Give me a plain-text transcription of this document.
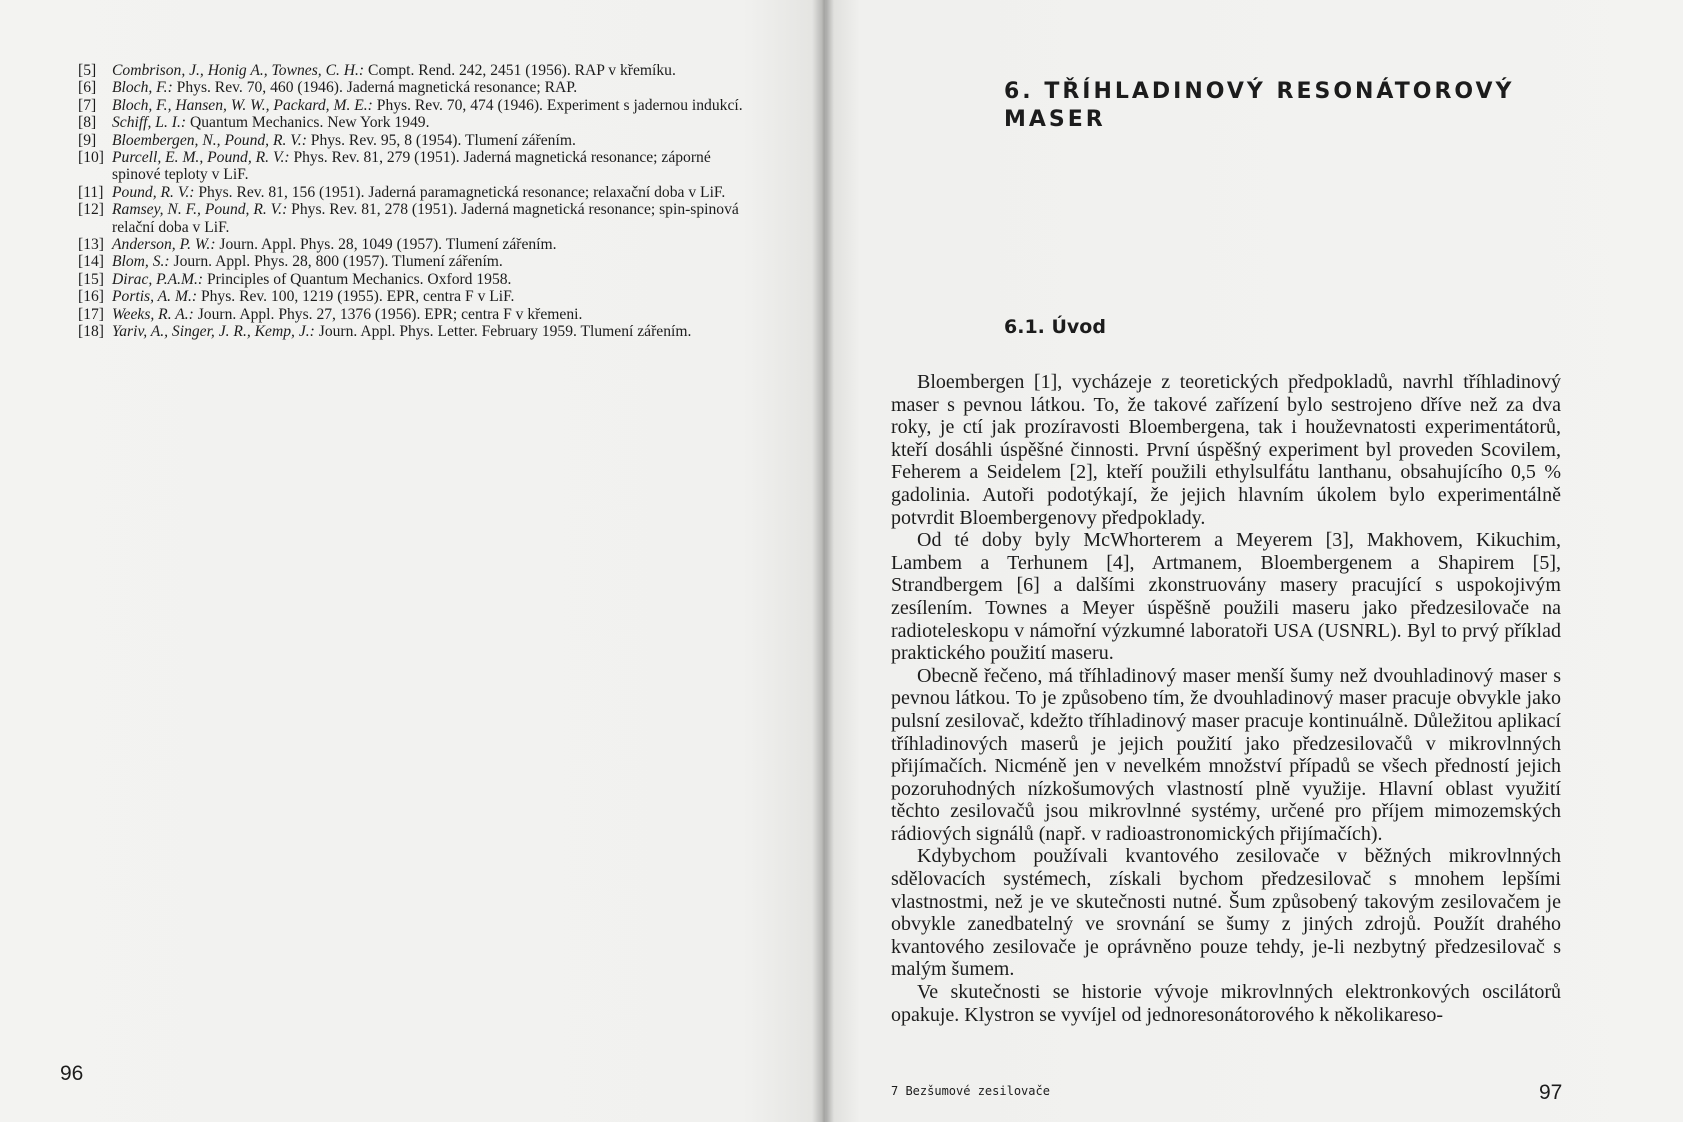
[5] Combrison, J., Honig A., Townes, C. H.: Compt. Rend. 242, 2451 (1956). RAP v křemíku.
[6] Bloch, F.: Phys. Rev. 70, 460 (1946). Jaderná magnetická resonance; RAP.
[7] Bloch, F., Hansen, W. W., Packard, M. E.: Phys. Rev. 70, 474 (1946). Experiment s jadernou indukcí.
[8] Schiff, L. I.: Quantum Mechanics. New York 1949.
[9] Bloembergen, N., Pound, R. V.: Phys. Rev. 95, 8 (1954). Tlumení zářením.
[10] Purcell, E. M., Pound, R. V.: Phys. Rev. 81, 279 (1951). Jaderná magnetická resonance; záporné spinové teploty v LiF.
[11] Pound, R. V.: Phys. Rev. 81, 156 (1951). Jaderná paramagnetická resonance; relaxační doba v LiF.
[12] Ramsey, N. F., Pound, R. V.: Phys. Rev. 81, 278 (1951). Jaderná magnetická resonance; spin-spinová relační doba v LiF.
[13] Anderson, P. W.: Journ. Appl. Phys. 28, 1049 (1957). Tlumení zářením.
[14] Blom, S.: Journ. Appl. Phys. 28, 800 (1957). Tlumení zářením.
[15] Dirac, P.A.M.: Principles of Quantum Mechanics. Oxford 1958.
[16] Portis, A. M.: Phys. Rev. 100, 1219 (1955). EPR, centra F v LiF.
[17] Weeks, R. A.: Journ. Appl. Phys. 27, 1376 (1956). EPR; centra F v křemeni.
[18] Yariv, A., Singer, J. R., Kemp, J.: Journ. Appl. Phys. Letter. February 1959. Tlumení zářením.
96
6. TŘÍHLADINOVÝ RESONÁTOROVÝ MASER
6.1. Úvod

Bloembergen [1], vycházeje z teoretických předpokladů, navrhl tříhladinový maser s pevnou látkou. To, že takové zařízení bylo sestrojeno dříve než za dva roky, je ctí jak prozíravosti Bloembergena, tak i houževnatosti experimentátorů, kteří dosáhli úspěšné činnosti. První úspěšný experiment byl proveden Scovilem, Feherem a Seidelem [2], kteří použili ethylsulfátu lanthanu, obsahujícího 0,5 % gadolinia. Autoři podotýkají, že jejich hlavním úkolem bylo experimentálně potvrdit Bloembergenovy předpoklady.

Od té doby byly McWhorterem a Meyerem [3], Makhovem, Kikuchim, Lambem a Terhunem [4], Artmanem, Bloembergenem a Shapirem [5], Strandbergem [6] a dalšími zkonstruovány masery pracující s uspokojivým zesílením. Townes a Meyer úspěšně použili maseru jako předzesilovače na radioteleskopu v námořní výzkumné laboratoři USA (USNRL). Byl to prvý příklad praktického použití maseru.

Obecně řečeno, má tříhladinový maser menší šumy než dvouhladinový maser s pevnou látkou. To je způsobeno tím, že dvouhladinový maser pracuje obvykle jako pulsní zesilovač, kdežto tříhladinový maser pracuje kontinuálně. Důležitou aplikací tříhladinových maserů je jejich použití jako předzesilovačů v mikrovlnných přijímačích. Nicméně jen v nevelkém množství případů se všech předností jejich pozoruhodných nízkošumových vlastností plně využije. Hlavní oblast využití těchto zesilovačů jsou mikrovlnné systémy, určené pro příjem mimozemských rádiových signálů (např. v radioastronomických přijímačích).

Kdybychom používali kvantového zesilovače v běžných mikrovlnných sdělovacích systémech, získali bychom předzesilovač s mnohem lepšími vlastnostmi, než je ve skutečnosti nutné. Šum způsobený takovým zesilovačem je obvykle zanedbatelný ve srovnání se šumy z jiných zdrojů. Použít drahého kvantového zesilovače je oprávněno pouze tehdy, je-li nezbytný předzesilovač s malým šumem.

Ve skutečnosti se historie vývoje mikrovlnných elektronkových oscilátorů opakuje. Klystron se vyvíjel od jednoresonátorového k několikareso-

7 Bezšumové zesilovače	97
